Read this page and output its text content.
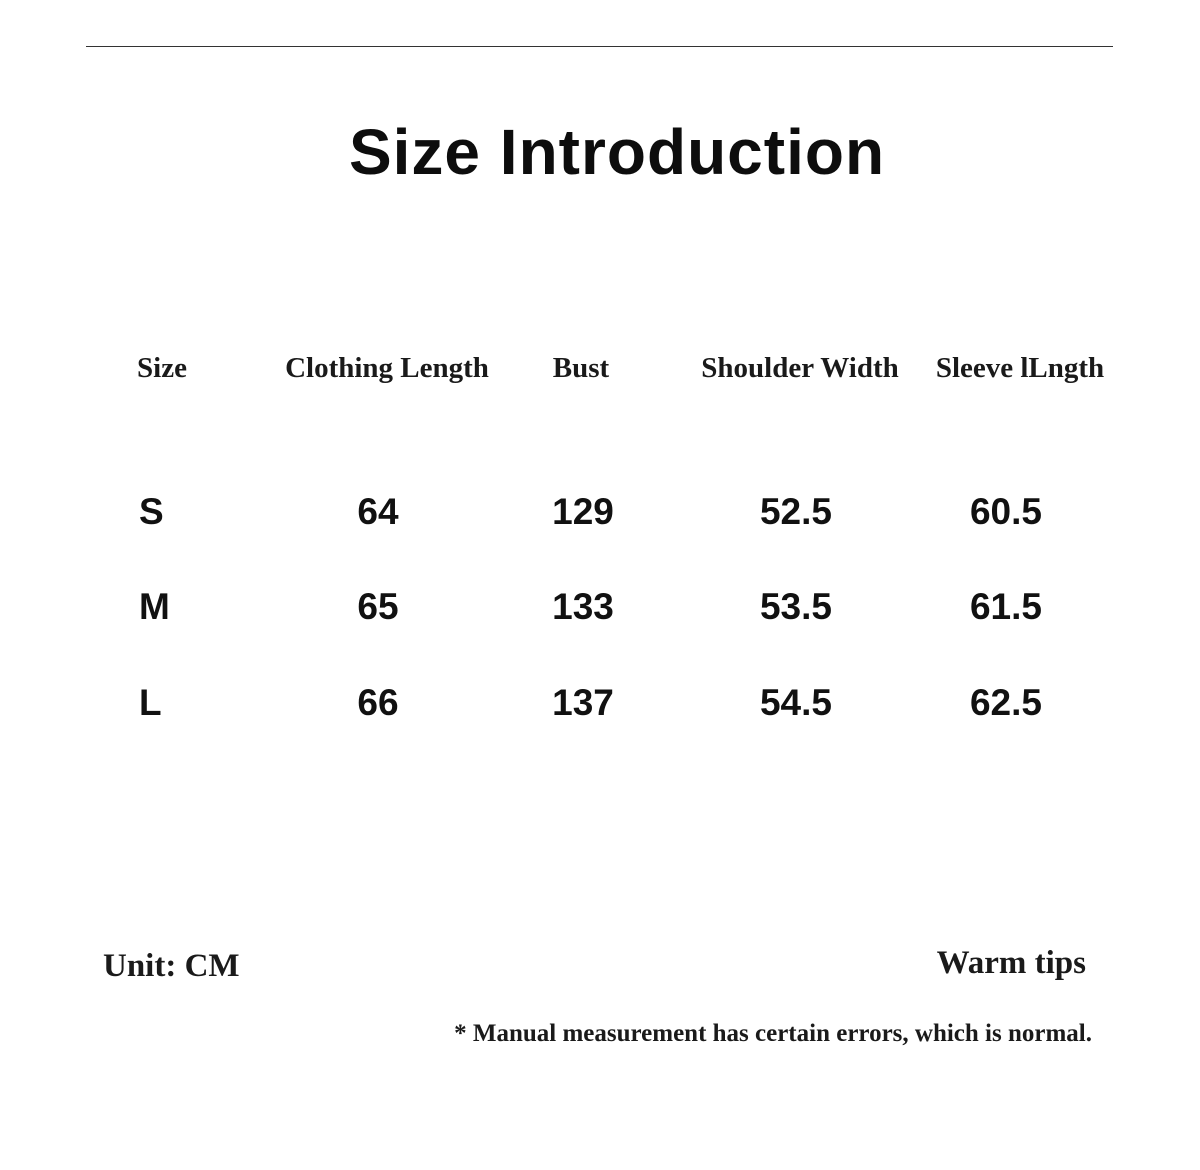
Size Introduction
Size	Clothing Length	Bust	Shoulder Width	Sleeve lLngth
S	64	129	52.5	60.5
M	65	133	53.5	61.5
L	66	137	54.5	62.5
Unit: CM	Warm tips
* Manual measurement has certain errors, which is normal.
